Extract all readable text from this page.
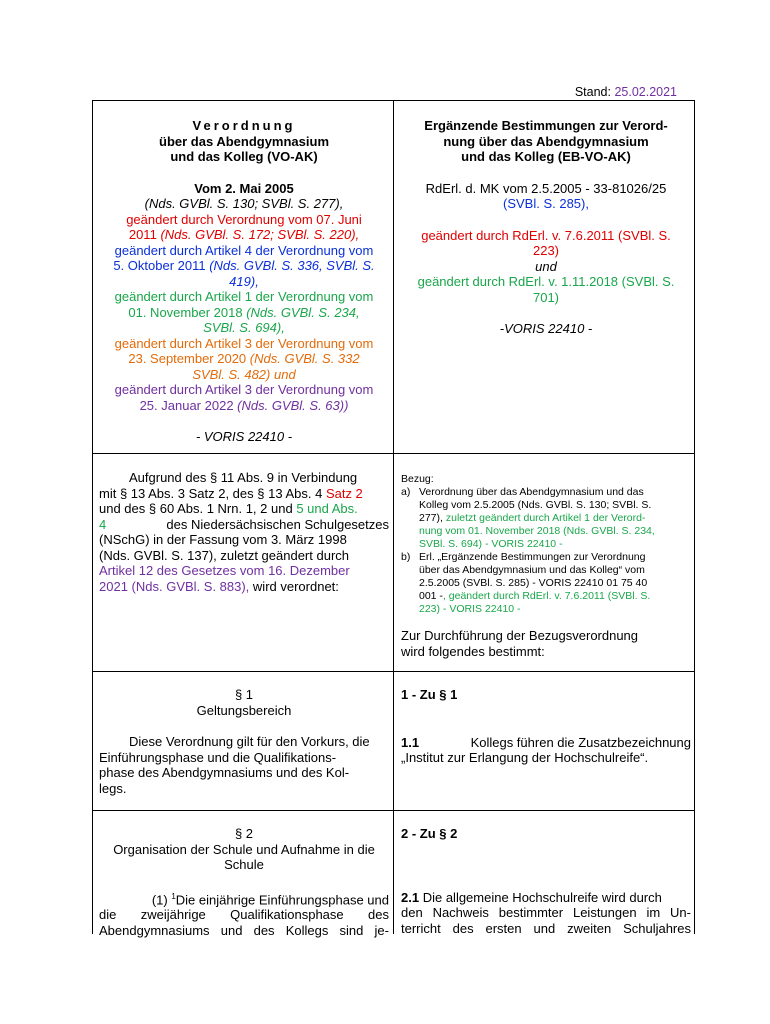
Stand: 25.02.2021

Verordnung

über das Abendgymnasium

und das Kolleg (VO-AK)

Vom 2. Mai 2005

(Nds. GVBl. S. 130; SVBl. S. 277),

geändert durch Verordnung vom 07. Juni

2011 (Nds. GVBl. S. 172; SVBl. S. 220),

geändert durch Artikel 4 der Verordnung vom

5. Oktober 2011 (Nds. GVBl. S. 336, SVBl. S.

419),

geändert durch Artikel 1 der Verordnung vom

01. November 2018 (Nds. GVBl. S. 234,

SVBl. S. 694),

geändert durch Artikel 3 der Verordnung vom

23. September 2020 (Nds. GVBl. S. 332

SVBl. S. 482) und

geändert durch Artikel 3 der Verordnung vom

25. Januar 2022 (Nds. GVBl. S. 63))

- VORIS 22410 -

Ergänzende Bestimmungen zur Verord-

nung über das Abendgymnasium

und das Kolleg (EB-VO-AK)

RdErl. d. MK vom 2.5.2005 - 33-81026/25

(SVBl. S. 285),

geändert durch RdErl. v. 7.6.2011 (SVBl. S.

223)

und

geändert durch RdErl. v. 1.11.2018 (SVBl. S.

701)

-VORIS 22410 -

Aufgrund des § 11 Abs. 9 in Verbindung

mit § 13 Abs. 3 Satz 2, des § 13 Abs. 4 Satz 2

und des § 60 Abs. 1 Nrn. 1, 2 und 5 und Abs.

4	des Niedersächsischen Schulgesetzes

(NSchG) in der Fassung vom 3. März 1998

(Nds. GVBl. S. 137), zuletzt geändert durch

Artikel 12 des Gesetzes vom 16. Dezember

2021 (Nds. GVBl. S. 883), wird verordnet:

Bezug:

a) Verordnung über das Abendgymnasium und das

Kolleg vom 2.5.2005 (Nds. GVBl. S. 130; SVBl. S.

277), zuletzt geändert durch Artikel 1 der Verord-

nung vom 01. November 2018 (Nds. GVBl. S. 234,

SVBl. S. 694) - VORIS 22410 -

b) Erl. „Ergänzende Bestimmungen zur Verordnung

über das Abendgymnasium und das Kolleg“ vom

2.5.2005 (SVBl. S. 285) - VORIS 22410 01 75 40

001 -, geändert durch RdErl. v. 7.6.2011 (SVBl. S.

223) - VORIS 22410 -

Zur Durchführung der Bezugsverordnung

wird folgendes bestimmt:

§ 1

Geltungsbereich

Diese Verordnung gilt für den Vorkurs, die

Einführungsphase und die Qualifikations-

phase des Abendgymnasiums und des Kol-

legs.

1 - Zu § 1

1.1	Kollegs führen die Zusatzbezeichnung

„Institut zur Erlangung der Hochschulreife“.

§ 2

Organisation der Schule und Aufnahme in die

Schule

(1) $^1$Die einjährige Einführungsphase und

die zweijährige Qualifikationsphase des

Abendgymnasiums und des Kollegs sind je-

2 - Zu § 2

2.1 Die allgemeine Hochschulreife wird durch

den Nachweis bestimmter Leistungen im Un-

terricht des ersten und zweiten Schuljahres
